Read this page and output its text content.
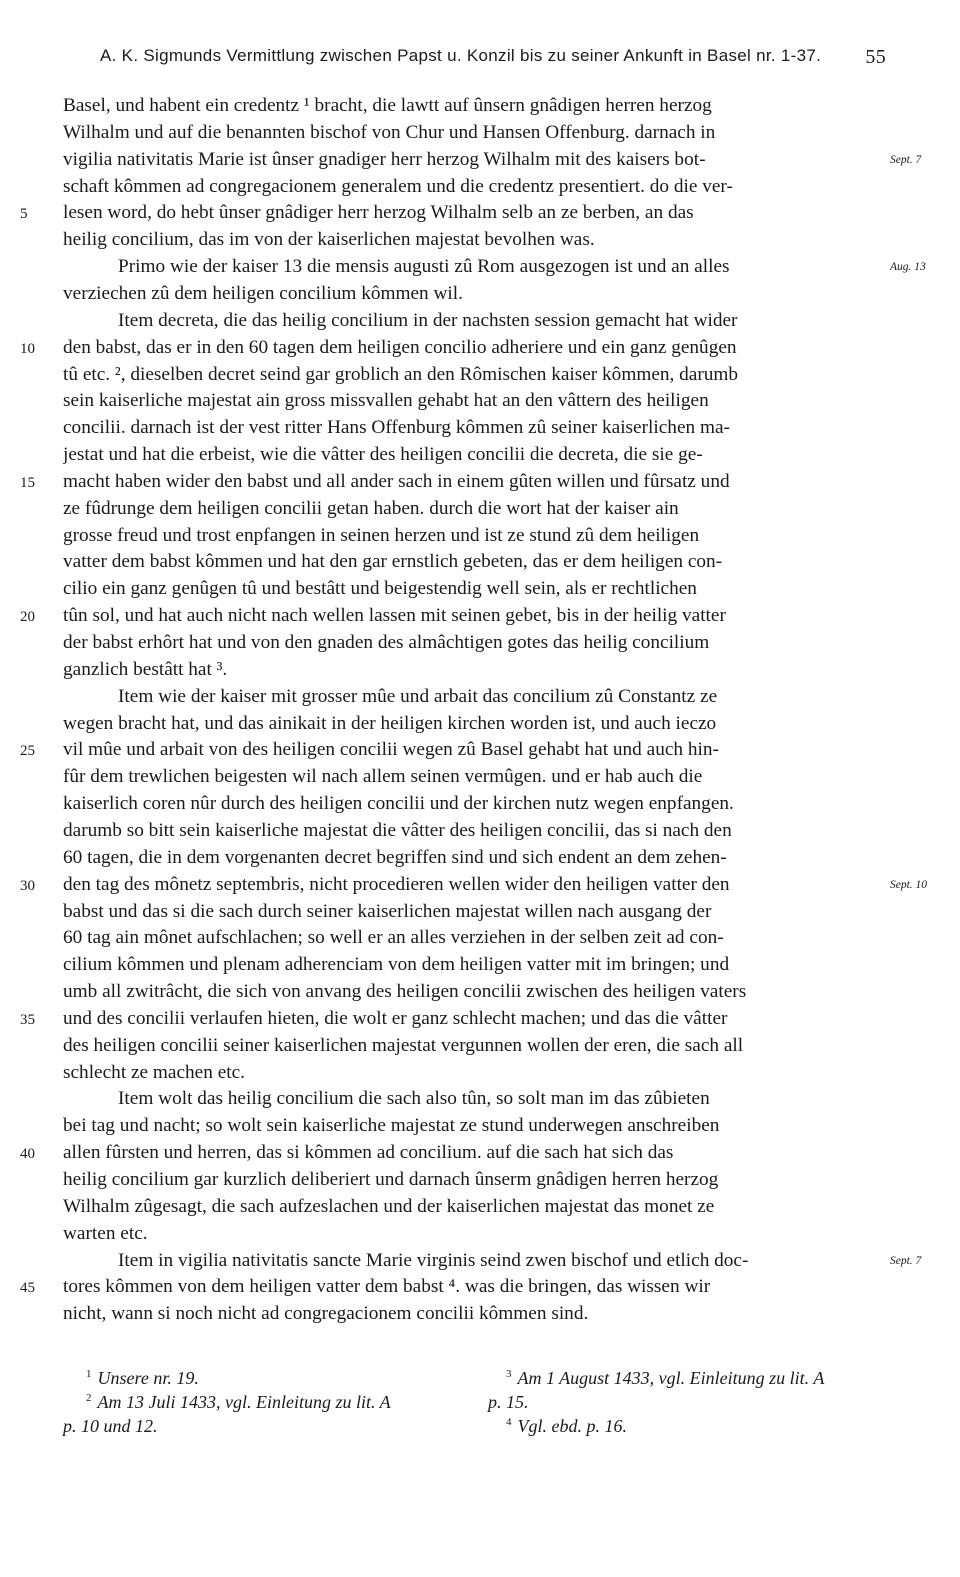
A. K. Sigmunds Vermittlung zwischen Papst u. Konzil bis zu seiner Ankunft in Basel nr. 1-37. 55
Basel, und habent ein credentz ¹ bracht, die lawtt auf ûnsern gnâdigen herren herzog
Wilhalm und auf die benannten bischof von Chur und Hansen Offenburg. darnach in
vigilia nativitatis Marie ist ûnser gnadiger herr herzog Wilhalm mit des kaisers bot-	Sept. 7
schaft kômmen ad congregacionem generalem und die credentz presentiert. do die ver-
lesen word, do hebt ûnser gnâdiger herr herzog Wilhalm selb an ze berben, an das
5
heilig concilium, das im von der kaiserlichen majestat bevolhen was.
Primo wie der kaiser 13 die mensis augusti zû Rom ausgezogen ist und an alles	Aug. 13
verziechen zû dem heiligen concilium kômmen wil.
Item decreta, die das heilig concilium in der nachsten session gemacht hat wider
den babst, das er in den 60 tagen dem heiligen concilio adheriere und ein ganz genûgen
10
tû etc. ², dieselben decret seind gar groblich an den Rômischen kaiser kômmen, darumb
sein kaiserliche majestat ain gross missvallen gehabt hat an den vâttern des heiligen
concilii. darnach ist der vest ritter Hans Offenburg kômmen zû seiner kaiserlichen ma-
jestat und hat die erbeist, wie die vâtter des heiligen concilii die decreta, die sie ge-
macht haben wider den babst und all ander sach in einem gûten willen und fûrsatz und
15
ze fûdrunge dem heiligen concilii getan haben. durch die wort hat der kaiser ain
grosse freud und trost enpfangen in seinen herzen und ist ze stund zû dem heiligen
vatter dem babst kômmen und hat den gar ernstlich gebeten, das er dem heiligen con-
cilio ein ganz genûgen tû und bestâtt und beigestendig well sein, als er rechtlichen
tûn sol, und hat auch nicht nach wellen lassen mit seinen gebet, bis in der heilig vatter
20
der babst erhôrt hat und von den gnaden des almâchtigen gotes das heilig concilium
ganzlich bestâtt hat ³.
Item wie der kaiser mit grosser mûe und arbait das concilium zû Constantz ze
wegen bracht hat, und das ainikait in der heiligen kirchen worden ist, und auch ieczo
vil mûe und arbait von des heiligen concilii wegen zû Basel gehabt hat und auch hin-
25
fûr dem trewlichen beigesten wil nach allem seinen vermûgen. und er hab auch die
kaiserlich coren nûr durch des heiligen concilii und der kirchen nutz wegen enpfangen.
darumb so bitt sein kaiserliche majestat die vâtter des heiligen concilii, das si nach den
60 tagen, die in dem vorgenanten decret begriffen sind und sich endent an dem zehen-
den tag des mônetz septembris, nicht procedieren wellen wider den heiligen vatter den
30	Sept. 10
babst und das si die sach durch seiner kaiserlichen majestat willen nach ausgang der
60 tag ain mônet aufschlachen; so well er an alles verziehen in der selben zeit ad con-
cilium kômmen und plenam adherenciam von dem heiligen vatter mit im bringen; und
umb all zwitrâcht, die sich von anvang des heiligen concilii zwischen des heiligen vaters
und des concilii verlaufen hieten, die wolt er ganz schlecht machen; und das die vâtter
35
des heiligen concilii seiner kaiserlichen majestat vergunnen wollen der eren, die sach all
schlecht ze machen etc.
Item wolt das heilig concilium die sach also tûn, so solt man im das zûbieten
bei tag und nacht; so wolt sein kaiserliche majestat ze stund underwegen anschreiben
allen fûrsten und herren, das si kômmen ad concilium. auf die sach hat sich das
40
heilig concilium gar kurzlich deliberiert und darnach ûnserm gnâdigen herren herzog
Wilhalm zûgesagt, die sach aufzeslachen und der kaiserlichen majestat das monet ze
warten etc.
Item in vigilia nativitatis sancte Marie virginis seind zwen bischof und etlich doc-	Sept. 7
tores kômmen von dem heiligen vatter dem babst ⁴. was die bringen, das wissen wir
45
nicht, wann si noch nicht ad congregacionem concilii kômmen sind.
$^1$ Unsere nr. 19.
$^2$ Am 13 Juli 1433, vgl. Einleitung zu lit. A
p. 10 und 12.
$^3$ Am 1 August 1433, vgl. Einleitung zu lit. A
p. 15.
$^4$ Vgl. ebd. p. 16.
